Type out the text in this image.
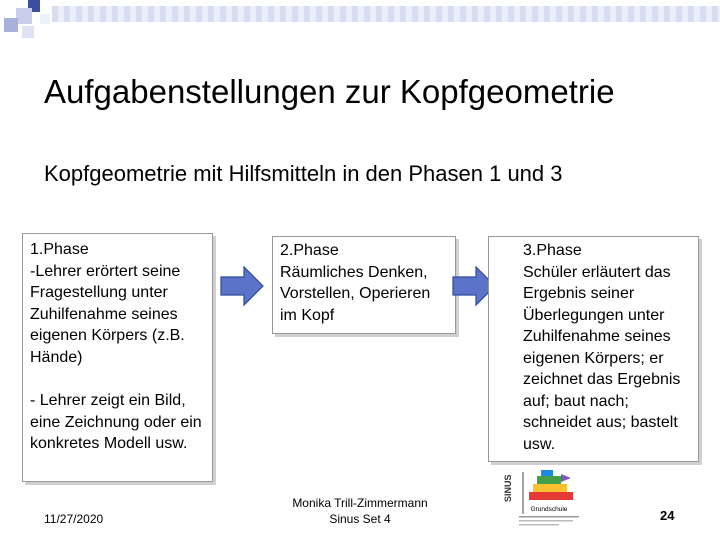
Aufgabenstellungen zur Kopfgeometrie
Kopfgeometrie mit Hilfsmitteln in den Phasen 1 und 3

1.Phase
-Lehrer erörtert seine Fragestellung unter Zuhilfenahme seines eigenen Körpers (z.B. Hände)

- Lehrer zeigt ein Bild, eine Zeichnung oder ein konkretes Modell usw.

2.Phase
Räumliches Denken, Vorstellen, Operieren im Kopf

3.Phase
Schüler erläutert das Ergebnis seiner Überlegungen unter Zuhilfenahme seines eigenen Körpers; er zeichnet das Ergebnis auf; baut nach; schneidet aus; bastelt usw.

11/27/2020
Monika Trill-Zimmermann
Sinus Set 4
SINUS
Grundschule	24
